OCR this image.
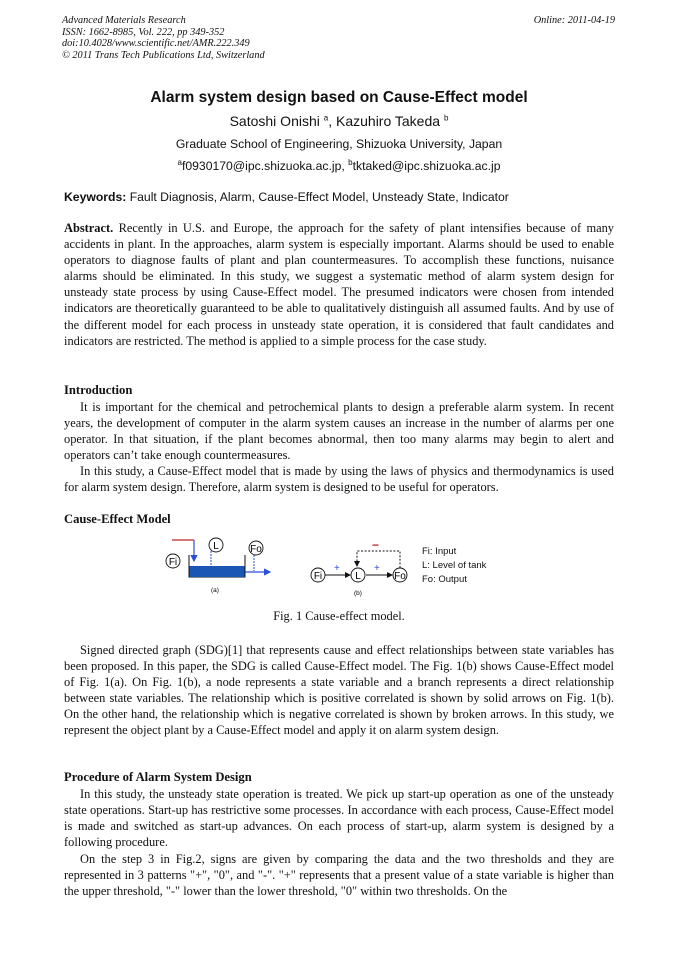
Advanced Materials Research
ISSN: 1662-8985, Vol. 222, pp 349-352
doi:10.4028/www.scientific.net/AMR.222.349
© 2011 Trans Tech Publications Ltd, Switzerland
Online: 2011-04-19
Alarm system design based on Cause-Effect model
Satoshi Onishi $^a$, Kazuhiro Takeda $^b$
Graduate School of Engineering, Shizuoka University, Japan
$^a$f0930170@ipc.shizuoka.ac.jp, $^b$tktaked@ipc.shizuoka.ac.jp
Keywords: Fault Diagnosis, Alarm, Cause-Effect Model, Unsteady State, Indicator
Abstract. Recently in U.S. and Europe, the approach for the safety of plant intensifies because of many accidents in plant. In the approaches, alarm system is especially important. Alarms should be used to enable operators to diagnose faults of plant and plan countermeasures. To accomplish these functions, nuisance alarms should be eliminated. In this study, we suggest a systematic method of alarm system design for unsteady state process by using Cause-Effect model. The presumed indicators were chosen from intended indicators are theoretically guaranteed to be able to qualitatively distinguish all assumed faults. And by use of the different model for each process in unsteady state operation, it is considered that fault candidates and indicators are restricted. The method is applied to a simple process for the case study.
Introduction
It is important for the chemical and petrochemical plants to design a preferable alarm system. In recent years, the development of computer in the alarm system causes an increase in the number of alarms per one operator. In that situation, if the plant becomes abnormal, then too many alarms may begin to alert and operators can’t take enough countermeasures.
In this study, a Cause-Effect model that is made by using the laws of physics and thermodynamics is used for alarm system design. Therefore, alarm system is designed to be useful for operators.
Cause-Effect Model
Fi
L	Fo
(a)
+	+
−
Fi	L	Fo
(b)
Fi: Input
L: Level of tank
Fo: Output
Fig. 1 Cause-effect model.
Signed directed graph (SDG)[1] that represents cause and effect relationships between state variables has been proposed. In this paper, the SDG is called Cause-Effect model. The Fig. 1(b) shows Cause-Effect model of Fig. 1(a). On Fig. 1(b), a node represents a state variable and a branch represents a direct relationship between state variables. The relationship which is positive correlated is shown by solid arrows on Fig. 1(b). On the other hand, the relationship which is negative correlated is shown by broken arrows. In this study, we represent the object plant by a Cause-Effect model and apply it on alarm system design.
Procedure of Alarm System Design
In this study, the unsteady state operation is treated. We pick up start-up operation as one of the unsteady state operations. Start-up has restrictive some processes. In accordance with each process, Cause-Effect model is made and switched as start-up advances. On each process of start-up, alarm system is designed by a following procedure.
On the step 3 in Fig.2, signs are given by comparing the data and the two thresholds and they are represented in 3 patterns "+", "0", and "-". "+" represents that a present value of a state variable is higher than the upper threshold, "-" lower than the lower threshold, "0" within two thresholds. On the
